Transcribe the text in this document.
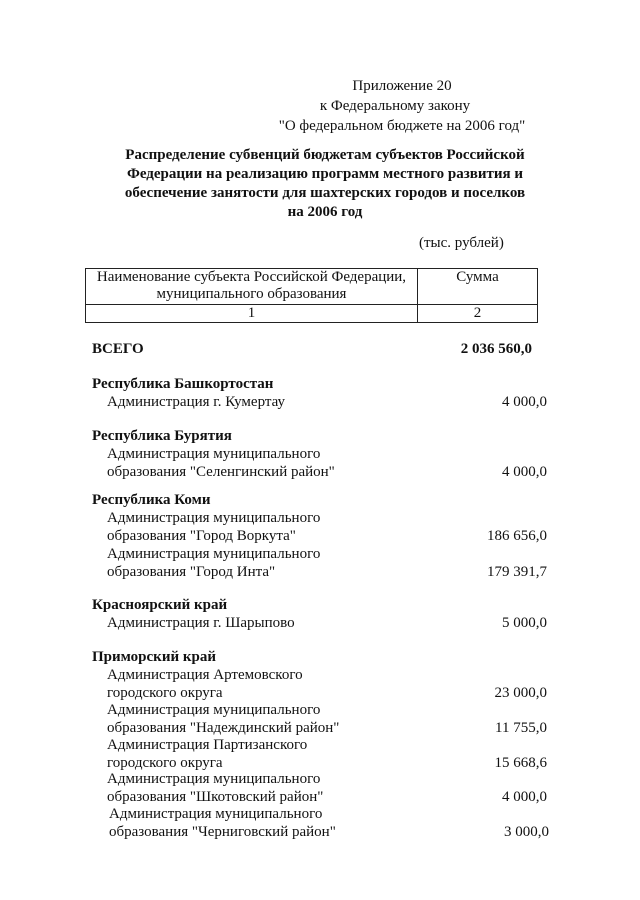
Приложение 20
к Федеральному закону
"О федеральном бюджете на 2006 год"
Распределение субвенций бюджетам субъектов Российской
Федерации на реализацию программ местного развития и
обеспечение занятости для шахтерских городов и поселков
на 2006 год
(тыс. рублей)
Наименование субъекта Российской Федерации,
муниципального образования	Сумма

1	2
ВСЕГО	2 036 560,0
Республика Башкортостан
Администрация г. Кумертау	4 000,0
Республика Бурятия
Администрация муниципального
образования "Селенгинский район"	4 000,0
Республика Коми
Администрация муниципального
образования "Город Воркута"	186 656,0
Администрация муниципального
образования "Город Инта"	179 391,7
Красноярский край
Администрация г. Шарыпово	5 000,0
Приморский край
Администрация Артемовского
городского округа	23 000,0
Администрация муниципального
образования "Надеждинский район"	11 755,0
Администрация Партизанского
городского округа	15 668,6
Администрация муниципального
образования "Шкотовский район"	4 000,0
Администрация муниципального
образования "Черниговский район"	3 000,0
